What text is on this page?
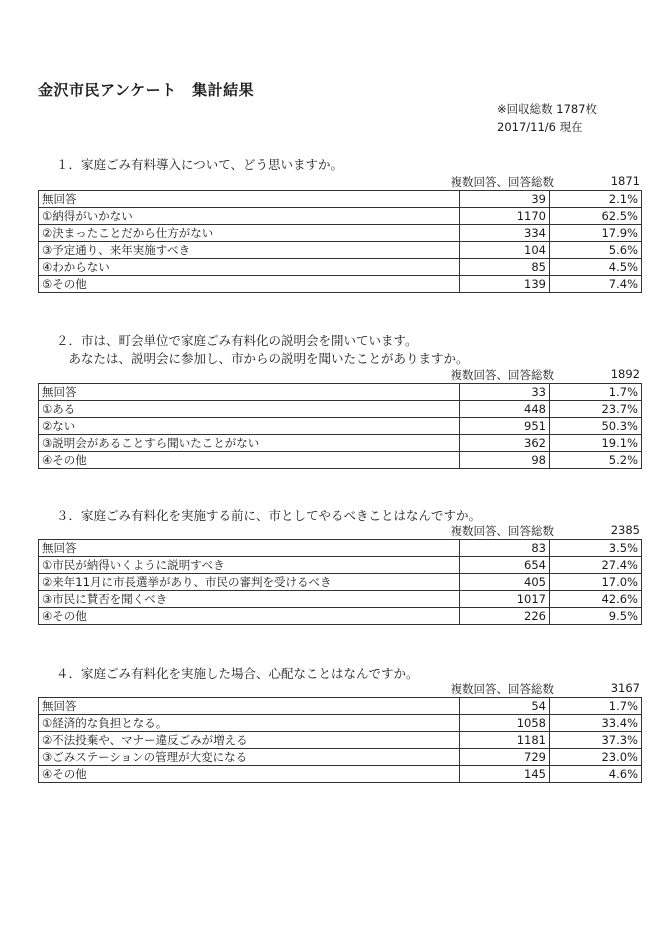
金沢市民アンケート　集計結果
※回収総数 1787枚
2017/11/6 現在
１．家庭ごみ有料導入について、どう思いますか。
複数回答、回答総数	1871
無回答	39	2.1%
①納得がいかない	1170	62.5%
②決まったことだから仕方がない	334	17.9%
③予定通り、来年実施すべき	104	5.6%
④わからない	85	4.5%
⑤その他	139	7.4%
２．市は、町会単位で家庭ごみ有料化の説明会を開いています。
　あなたは、説明会に参加し、市からの説明を聞いたことがありますか。
複数回答、回答総数	1892
無回答	33	1.7%
①ある	448	23.7%
②ない	951	50.3%
③説明会があることすら聞いたことがない	362	19.1%
④その他	98	5.2%
３．家庭ごみ有料化を実施する前に、市としてやるべきことはなんですか。
複数回答、回答総数	2385
無回答	83	3.5%
①市民が納得いくように説明すべき	654	27.4%
②来年11月に市長選挙があり、市民の審判を受けるべき	405	17.0%
③市民に賛否を聞くべき	1017	42.6%
④その他	226	9.5%
４．家庭ごみ有料化を実施した場合、心配なことはなんですか。
複数回答、回答総数	3167
無回答	54	1.7%
①経済的な負担となる。	1058	33.4%
②不法投棄や、マナー違反ごみが増える	1181	37.3%
③ごみステーションの管理が大変になる	729	23.0%
④その他	145	4.6%
